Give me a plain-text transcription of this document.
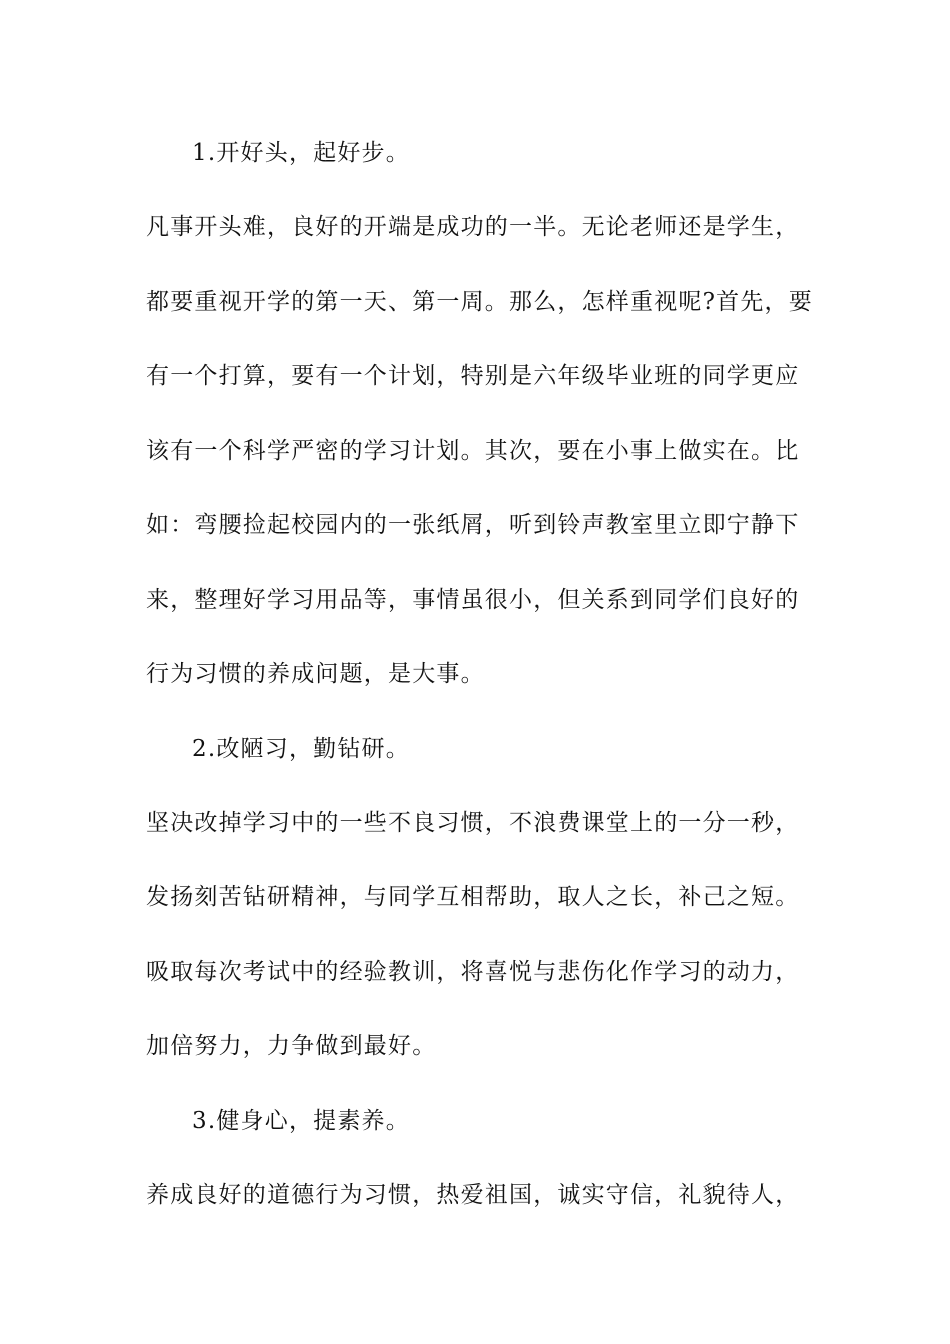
1.开好头，起好步。
凡事开头难，良好的开端是成功的一半。无论老师还是学生，
都要重视开学的第一天、第一周。那么，怎样重视呢?首先，要
有一个打算，要有一个计划，特别是六年级毕业班的同学更应
该有一个科学严密的学习计划。其次，要在小事上做实在。比
如：弯腰捡起校园内的一张纸屑，听到铃声教室里立即宁静下
来，整理好学习用品等，事情虽很小，但关系到同学们良好的
行为习惯的养成问题，是大事。
2.改陋习，勤钻研。
坚决改掉学习中的一些不良习惯，不浪费课堂上的一分一秒，
发扬刻苦钻研精神，与同学互相帮助，取人之长，补己之短。
吸取每次考试中的经验教训，将喜悦与悲伤化作学习的动力，
加倍努力，力争做到最好。
3.健身心，提素养。
养成良好的道德行为习惯，热爱祖国，诚实守信，礼貌待人，
